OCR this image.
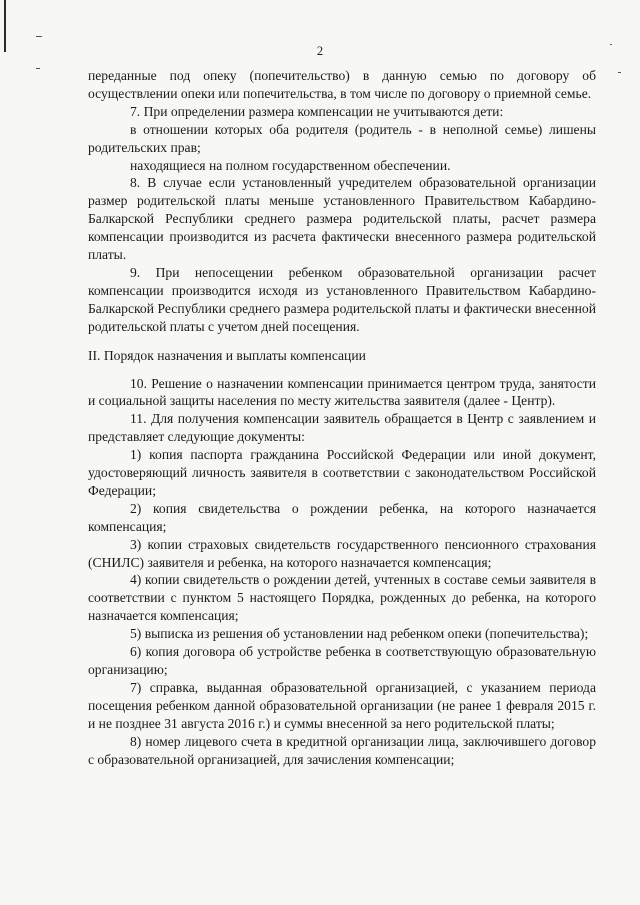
2

переданные под опеку (попечительство) в данную семью по договору об осуществлении опеки или попечительства, в том числе по договору о приемной семье.

7. При определении размера компенсации не учитываются дети:

в отношении которых оба родителя (родитель - в неполной семье) лишены родительских прав;

находящиеся на полном государственном обеспечении.

8. В случае если установленный учредителем образовательной организации размер родительской платы меньше установленного Правительством Кабардино-Балкарской Республики среднего размера родительской платы, расчет размера компенсации производится из расчета фактически внесенного размера родительской платы.

9. При непосещении ребенком образовательной организации расчет компенсации производится исходя из установленного Правительством Кабардино-Балкарской Республики среднего размера родительской платы и фактически внесенной родительской платы с учетом дней посещения.

II. Порядок назначения и выплаты компенсации

10. Решение о назначении компенсации принимается центром труда, занятости и социальной защиты населения по месту жительства заявителя (далее - Центр).

11. Для получения компенсации заявитель обращается в Центр с заявлением и представляет следующие документы:

1) копия паспорта гражданина Российской Федерации или иной документ, удостоверяющий личность заявителя в соответствии с законодательством Российской Федерации;

2) копия свидетельства о рождении ребенка, на которого назначается компенсация;

3) копии страховых свидетельств государственного пенсионного страхования (СНИЛС) заявителя и ребенка, на которого назначается компенсация;

4) копии свидетельств о рождении детей, учтенных в составе семьи заявителя в соответствии с пунктом 5 настоящего Порядка, рожденных до ребенка, на которого назначается компенсация;

5) выписка из решения об установлении над ребенком опеки (попечительства);

6) копия договора об устройстве ребенка в соответствующую образовательную организацию;

7) справка, выданная образовательной организацией, с указанием периода посещения ребенком данной образовательной организации (не ранее 1 февраля 2015 г. и не позднее 31 августа 2016 г.) и суммы внесенной за него родительской платы;

8) номер лицевого счета в кредитной организации лица, заключившего договор с образовательной организацией, для зачисления компенсации;
